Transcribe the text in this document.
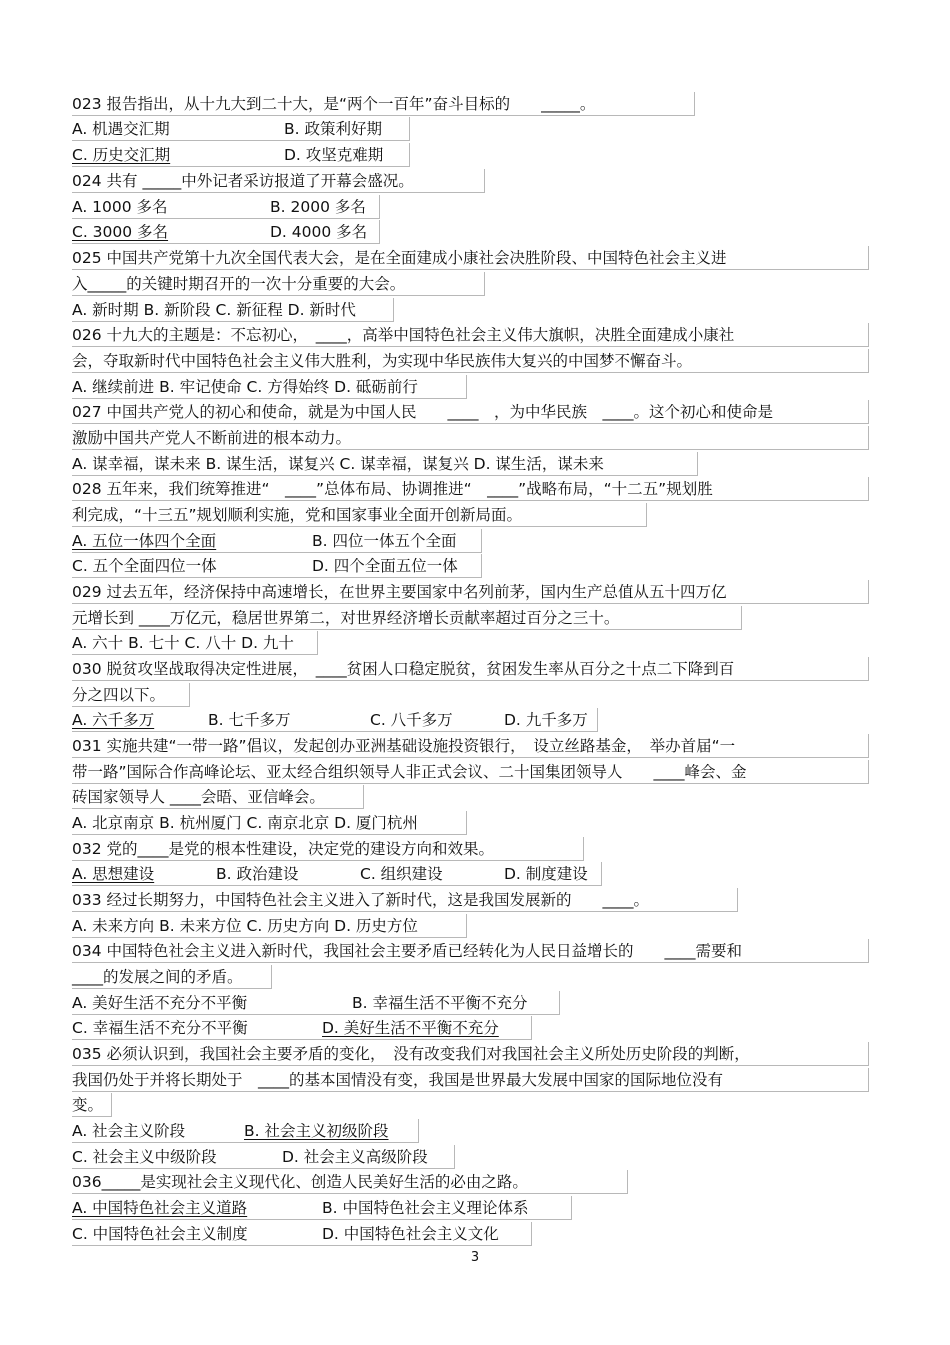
023 报告指出，从十九大到二十大，是“两个一百年”奋斗目标的　　_____。
A. 机遇交汇期	B. 政策利好期
C. 历史交汇期	D. 攻坚克难期
024 共有 _____中外记者采访报道了开幕会盛况。
A. 1000 多名	B. 2000 多名
C. 3000 多名	D. 4000 多名
025 中国共产党第十九次全国代表大会，是在全面建成小康社会决胜阶段、中国特色社会主义进
入_____的关键时期召开的一次十分重要的大会。
A. 新时期 B. 新阶段 C. 新征程 D. 新时代
026 十九大的主题是：不忘初心，　____，高举中国特色社会主义伟大旗帜，决胜全面建成小康社
会，夺取新时代中国特色社会主义伟大胜利，为实现中华民族伟大复兴的中国梦不懈奋斗。
A. 继续前进 B. 牢记使命 C. 方得始终 D. 砥砺前行
027 中国共产党人的初心和使命，就是为中国人民　　____　，为中华民族　____。这个初心和使命是
激励中国共产党人不断前进的根本动力。
A. 谋幸福，谋未来 B. 谋生活，谋复兴 C. 谋幸福，谋复兴 D. 谋生活，谋未来
028 五年来，我们统筹推进“　____”总体布局、协调推进“　____”战略布局，“十二五”规划胜
利完成，“十三五”规划顺利实施，党和国家事业全面开创新局面。
A. 五位一体四个全面	B. 四位一体五个全面
C. 五个全面四位一体	D. 四个全面五位一体
029 过去五年，经济保持中高速增长，在世界主要国家中名列前茅，国内生产总值从五十四万亿
元增长到 ____万亿元，稳居世界第二，对世界经济增长贡献率超过百分之三十。
A. 六十 B. 七十 C. 八十 D. 九十
030 脱贫攻坚战取得决定性进展，　____贫困人口稳定脱贫，贫困发生率从百分之十点二下降到百
分之四以下。
A. 六千多万	B. 七千多万	C. 八千多万	D. 九千多万
031 实施共建“一带一路”倡议，发起创办亚洲基础设施投资银行，　设立丝路基金，　举办首届“一
带一路”国际合作高峰论坛、亚太经合组织领导人非正式会议、二十国集团领导人　　____峰会、金
砖国家领导人 ____会晤、亚信峰会。
A. 北京南京 B. 杭州厦门 C. 南京北京 D. 厦门杭州
032 党的____是党的根本性建设，决定党的建设方向和效果。
A. 思想建设	B. 政治建设	C. 组织建设	D. 制度建设
033 经过长期努力，中国特色社会主义进入了新时代，这是我国发展新的　　____。
A. 未来方向 B. 未来方位 C. 历史方向 D. 历史方位
034 中国特色社会主义进入新时代，我国社会主要矛盾已经转化为人民日益增长的　　____需要和
____的发展之间的矛盾。
A. 美好生活不充分不平衡	B. 幸福生活不平衡不充分
C. 幸福生活不充分不平衡	D. 美好生活不平衡不充分
035 必须认识到，我国社会主要矛盾的变化，　没有改变我们对我国社会主义所处历史阶段的判断，
我国仍处于并将长期处于　____的基本国情没有变，我国是世界最大发展中国家的国际地位没有
变。
A. 社会主义阶段	B. 社会主义初级阶段
C. 社会主义中级阶段	D. 社会主义高级阶段
036_____是实现社会主义现代化、创造人民美好生活的必由之路。
A. 中国特色社会主义道路	B. 中国特色社会主义理论体系
C. 中国特色社会主义制度	D. 中国特色社会主义文化
3
